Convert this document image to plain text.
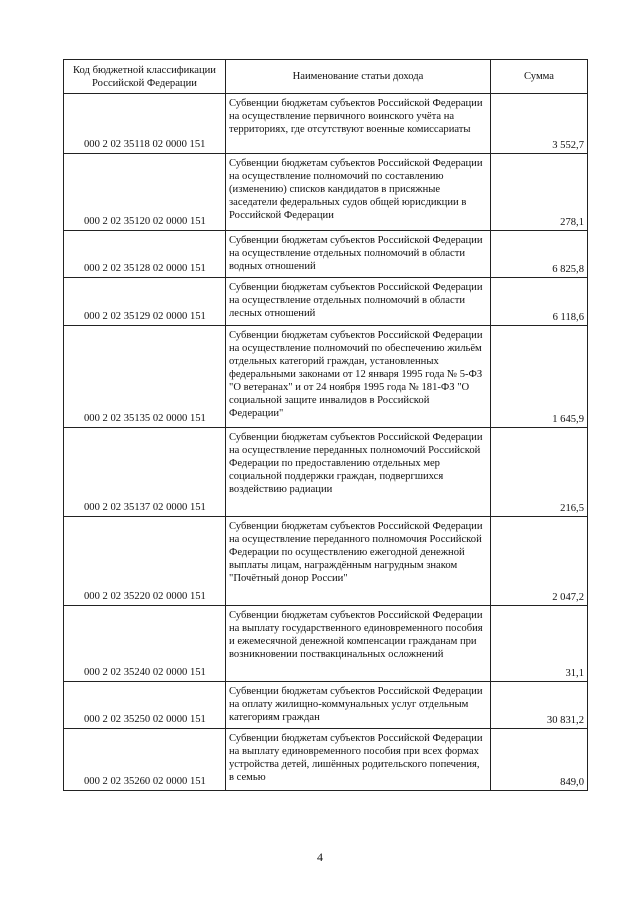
Код бюджетной классификации Российской Федерации	Наименование статьи дохода	Сумма
000 2 02 35118 02 0000 151	Субвенции бюджетам субъектов Российской Федерации на осуществление первичного воинского учёта на территориях, где отсутствуют военные комиссариаты	3 552,7
000 2 02 35120 02 0000 151	Субвенции бюджетам субъектов Российской Федерации на осуществление полномочий по составлению (изменению) списков кандидатов в присяжные заседатели федеральных судов общей юрисдикции в Российской Федерации	278,1
000 2 02 35128 02 0000 151	Субвенции бюджетам субъектов Российской Федерации на осуществление отдельных полномочий в области водных отношений	6 825,8
000 2 02 35129 02 0000 151	Субвенции бюджетам субъектов Российской Федерации на осуществление отдельных полномочий в области лесных отношений	6 118,6
000 2 02 35135 02 0000 151	Субвенции бюджетам субъектов Российской Федерации на осуществление полномочий по обеспечению жильём отдельных категорий граждан, установленных федеральными законами от 12 января 1995 года № 5-ФЗ "О ветеранах" и от 24 ноября 1995 года № 181-ФЗ "О социальной защите инвалидов в Российской Федерации"	1 645,9
000 2 02 35137 02 0000 151	Субвенции бюджетам субъектов Российской Федерации на осуществление переданных полномочий Российской Федерации по предоставлению отдельных мер социальной поддержки граждан, подвергшихся воздействию радиации	216,5
000 2 02 35220 02 0000 151	Субвенции бюджетам субъектов Российской Федерации на осуществление переданного полномочия Российской Федерации по осуществлению ежегодной денежной выплаты лицам, награждённым нагрудным знаком "Почётный донор России"	2 047,2
000 2 02 35240 02 0000 151	Субвенции бюджетам субъектов Российской Федерации на выплату государственного единовременного пособия и ежемесячной денежной компенсации гражданам при возникновении поствакцинальных осложнений	31,1
000 2 02 35250 02 0000 151	Субвенции бюджетам субъектов Российской Федерации на оплату жилищно-коммунальных услуг отдельным категориям граждан	30 831,2
000 2 02 35260 02 0000 151	Субвенции бюджетам субъектов Российской Федерации на выплату единовременного пособия при всех формах устройства детей, лишённых родительского попечения, в семью	849,0
4
